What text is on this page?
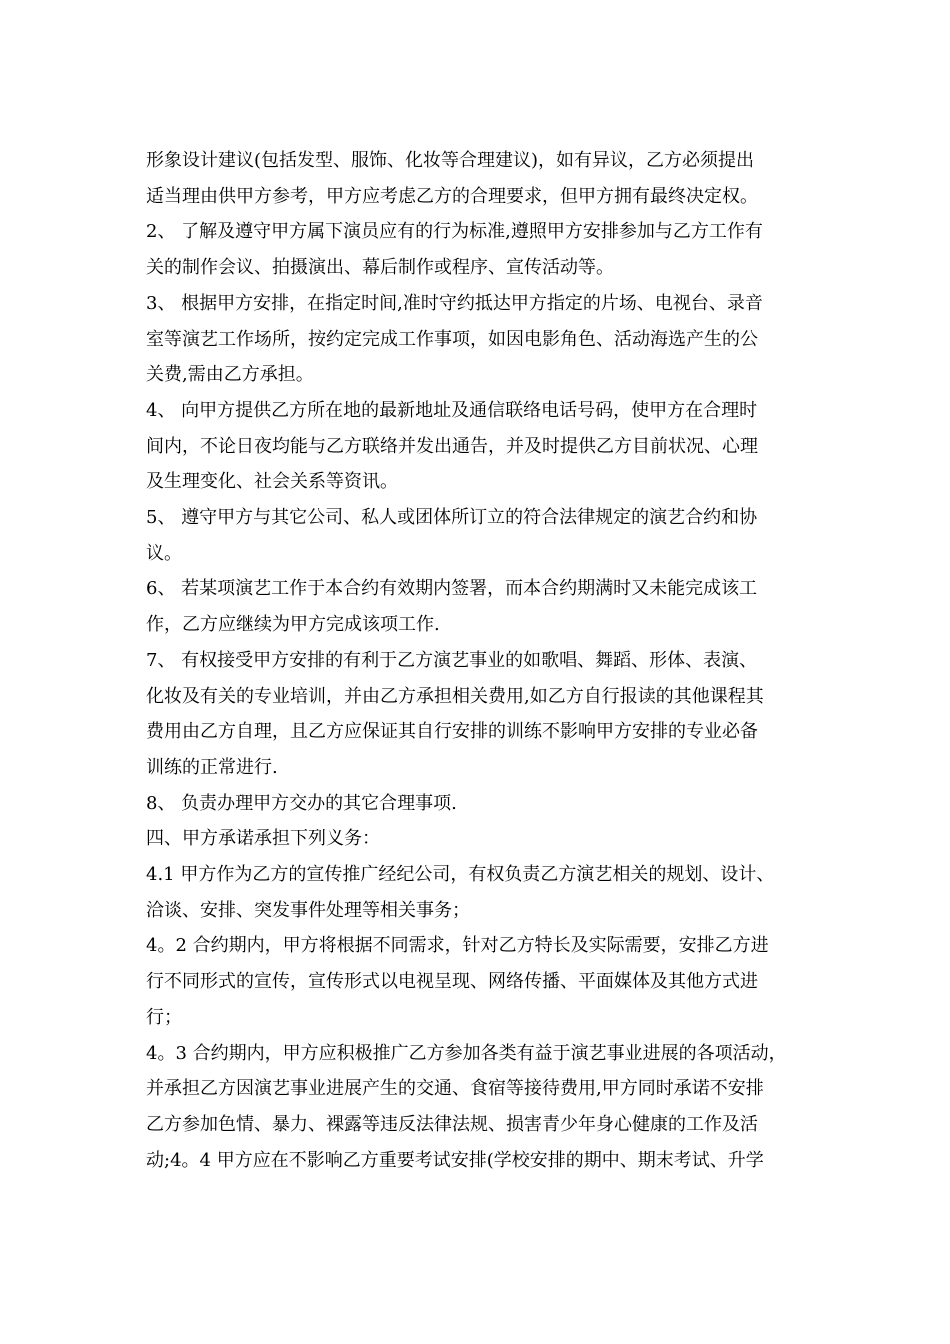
形象设计建议(包括发型、服饰、化妆等合理建议)，如有异议，乙方必须提出

适当理由供甲方参考，甲方应考虑乙方的合理要求，但甲方拥有最终决定权。

2、 了解及遵守甲方属下演员应有的行为标准,遵照甲方安排参加与乙方工作有

关的制作会议、拍摄演出、幕后制作或程序、宣传活动等。

3、 根据甲方安排，在指定时间,准时守约抵达甲方指定的片场、电视台、录音

室等演艺工作场所，按约定完成工作事项，如因电影角色、活动海选产生的公

关费,需由乙方承担。

4、 向甲方提供乙方所在地的最新地址及通信联络电话号码，使甲方在合理时

间内，不论日夜均能与乙方联络并发出通告，并及时提供乙方目前状况、心理

及生理变化、社会关系等资讯。

5、 遵守甲方与其它公司、私人或团体所订立的符合法律规定的演艺合约和协

议。

6、 若某项演艺工作于本合约有效期内签署，而本合约期满时又未能完成该工

作，乙方应继续为甲方完成该项工作.

7、 有权接受甲方安排的有利于乙方演艺事业的如歌唱、舞蹈、形体、表演、

化妆及有关的专业培训，并由乙方承担相关费用,如乙方自行报读的其他课程其

费用由乙方自理，且乙方应保证其自行安排的训练不影响甲方安排的专业必备

训练的正常进行.

8、 负责办理甲方交办的其它合理事项.

四、甲方承诺承担下列义务：

4.1 甲方作为乙方的宣传推广经纪公司，有权负责乙方演艺相关的规划、设计、

洽谈、安排、突发事件处理等相关事务；

4。2 合约期内，甲方将根据不同需求，针对乙方特长及实际需要，安排乙方进

行不同形式的宣传，宣传形式以电视呈现、网络传播、平面媒体及其他方式进

行；

4。3 合约期内，甲方应积极推广乙方参加各类有益于演艺事业进展的各项活动，

并承担乙方因演艺事业进展产生的交通、食宿等接待费用,甲方同时承诺不安排

乙方参加色情、暴力、裸露等违反法律法规、损害青少年身心健康的工作及活

动;4。4 甲方应在不影响乙方重要考试安排(学校安排的期中、期末考试、升学
